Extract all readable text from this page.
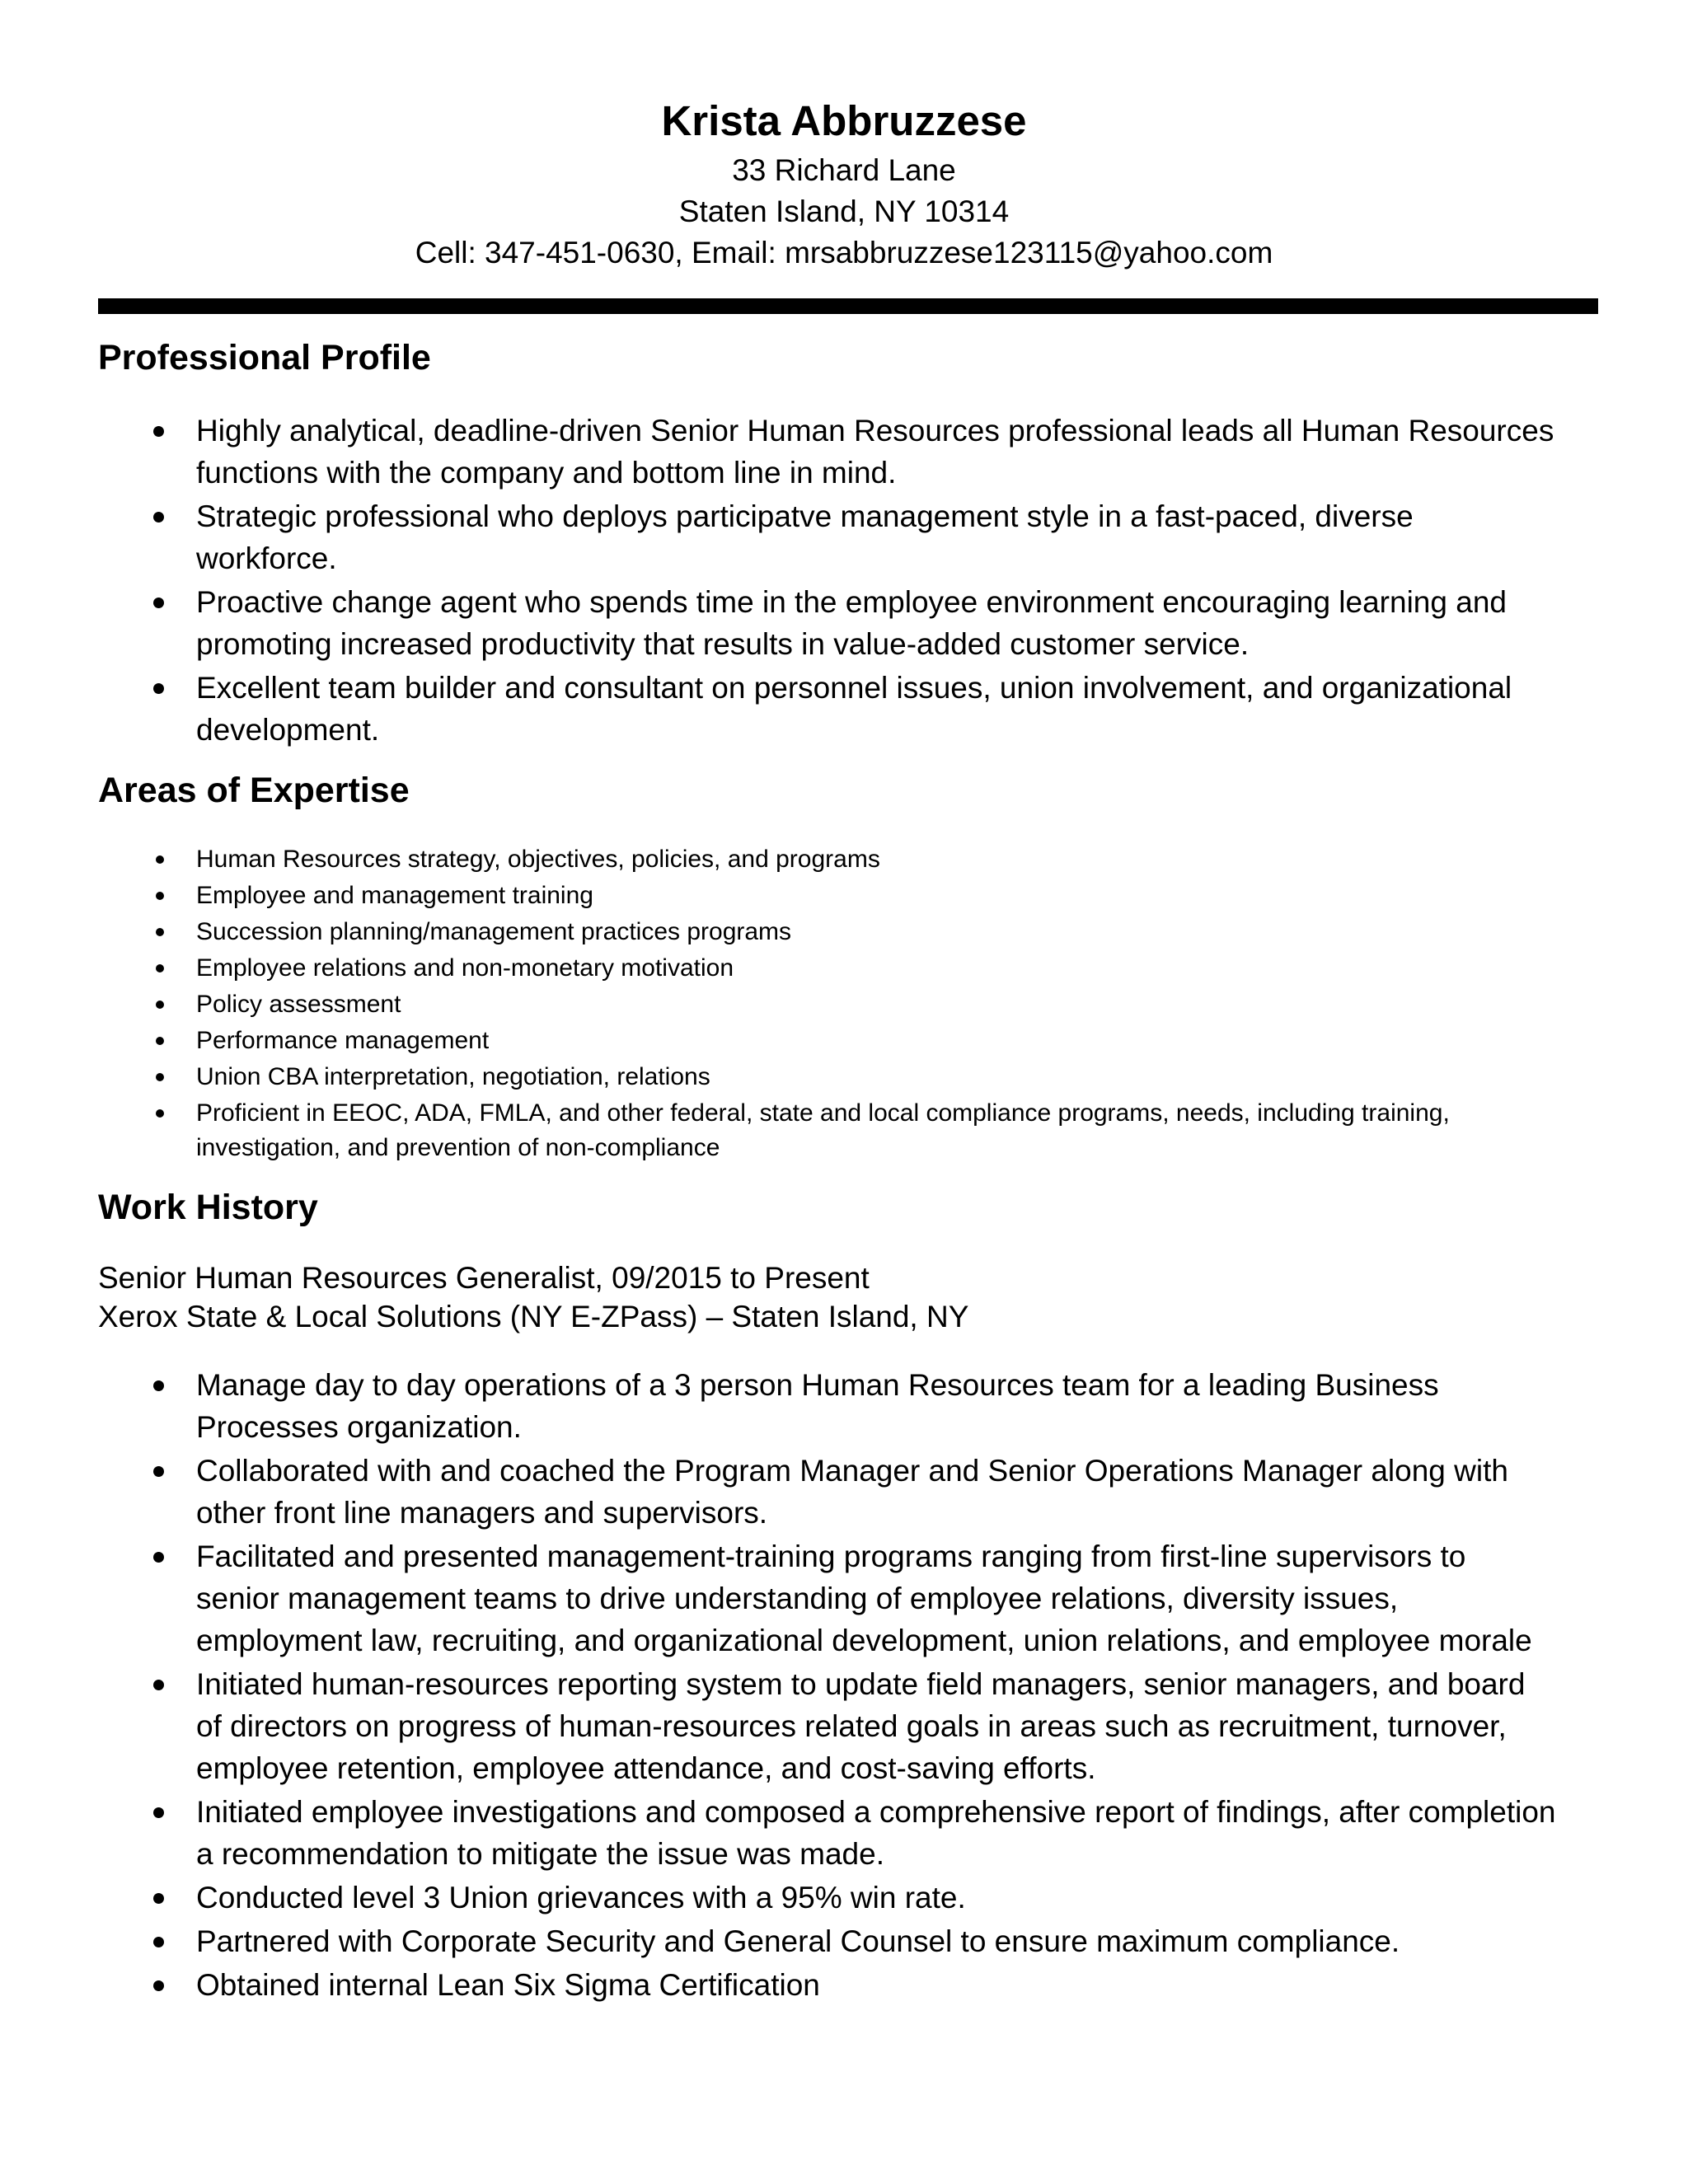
Krista Abbruzzese
33 Richard Lane
Staten Island, NY 10314
Cell: 347-451-0630, Email: mrsabbruzzese123115@yahoo.com
Professional Profile
Highly analytical, deadline-driven Senior Human Resources professional leads all Human Resources functions with the company and bottom line in mind.
Strategic professional who deploys participatve management style in a fast-paced, diverse workforce.
Proactive change agent who spends time in the employee environment encouraging learning and promoting increased productivity that results in value-added customer service.
Excellent team builder and consultant on personnel issues, union involvement, and organizational development.
Areas of Expertise
Human Resources strategy, objectives, policies, and programs
Employee and management training
Succession planning/management practices programs
Employee relations and non-monetary motivation
Policy assessment
Performance management
Union CBA interpretation, negotiation, relations
Proficient in EEOC, ADA, FMLA, and other federal, state and local compliance programs, needs, including training, investigation, and prevention of non-compliance
Work History
Senior Human Resources Generalist, 09/2015 to Present
Xerox State & Local Solutions (NY E-ZPass) – Staten Island, NY
Manage day to day operations of a 3 person Human Resources team for a leading Business Processes organization.
Collaborated with and coached the Program Manager and Senior Operations Manager along with other front line managers and supervisors.
Facilitated and presented management-training programs ranging from first-line supervisors to senior management teams to drive understanding of employee relations, diversity issues, employment law, recruiting, and organizational development, union relations, and employee morale
Initiated human-resources reporting system to update field managers, senior managers, and board of directors on progress of human-resources related goals in areas such as recruitment, turnover, employee retention, employee attendance, and cost-saving efforts.
Initiated employee investigations and composed a comprehensive report of findings, after completion a recommendation to mitigate the issue was made.
Conducted level 3 Union grievances with a 95% win rate.
Partnered with Corporate Security and General Counsel to ensure maximum compliance.
Obtained internal Lean Six Sigma Certification
